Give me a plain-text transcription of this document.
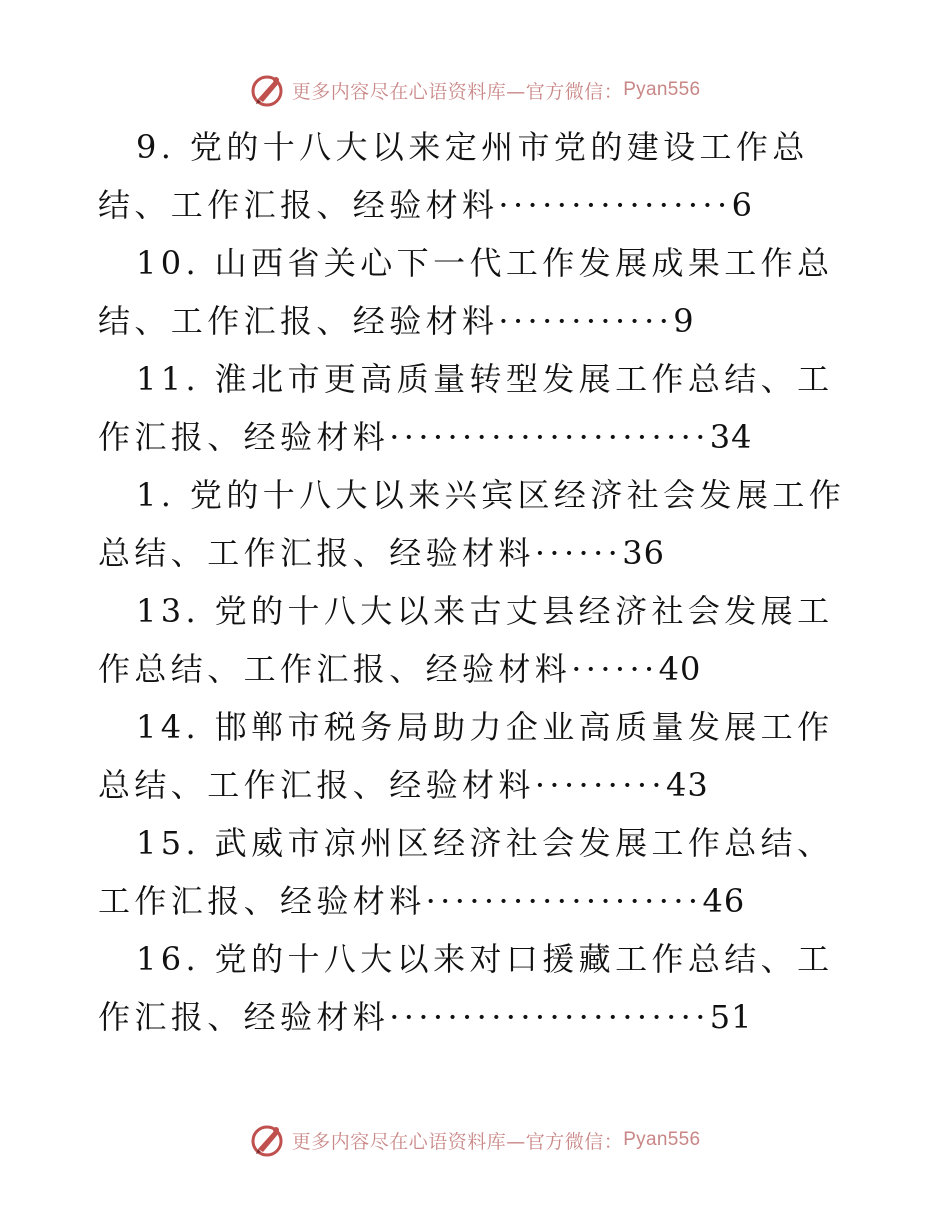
更多内容尽在心语资料库—官方微信： Pyan556
9. 党的十八大以来定州市党的建设工作总结、工作汇报、经验材料················6
10. 山西省关心下一代工作发展成果工作总结、工作汇报、经验材料············9
11. 淮北市更高质量转型发展工作总结、工作汇报、经验材料······················34
1. 党的十八大以来兴宾区经济社会发展工作总结、工作汇报、经验材料······36
13. 党的十八大以来古丈县经济社会发展工作总结、工作汇报、经验材料······40
14. 邯郸市税务局助力企业高质量发展工作总结、工作汇报、经验材料·········43
15. 武威市凉州区经济社会发展工作总结、工作汇报、经验材料···················46
16. 党的十八大以来对口援藏工作总结、工作汇报、经验材料······················51
更多内容尽在心语资料库—官方微信： Pyan556
